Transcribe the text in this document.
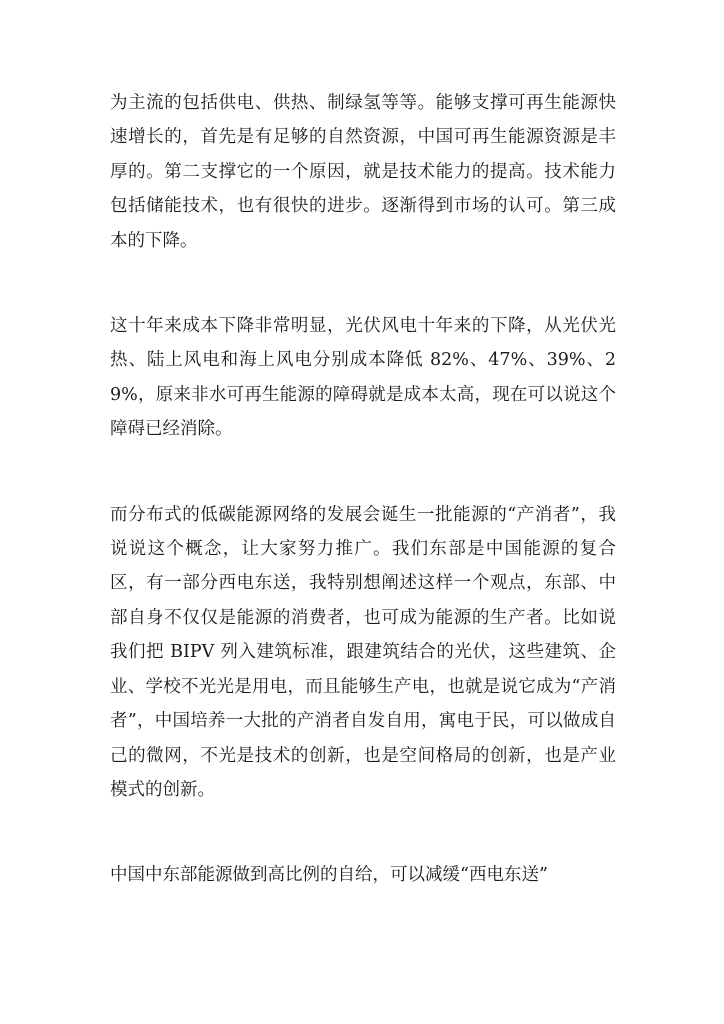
为主流的包括供电、供热、制绿氢等等。能够支撑可再生能源快速增长的，首先是有足够的自然资源，中国可再生能源资源是丰厚的。第二支撑它的一个原因，就是技术能力的提高。技术能力包括储能技术，也有很快的进步。逐渐得到市场的认可。第三成本的下降。

这十年来成本下降非常明显，光伏风电十年来的下降，从光伏光热、陆上风电和海上风电分别成本降低 82%、47%、39%、29%，原来非水可再生能源的障碍就是成本太高，现在可以说这个障碍已经消除。

而分布式的低碳能源网络的发展会诞生一批能源的“产消者”，我说说这个概念，让大家努力推广。我们东部是中国能源的复合区，有一部分西电东送，我特别想阐述这样一个观点，东部、中部自身不仅仅是能源的消费者，也可成为能源的生产者。比如说我们把 BIPV 列入建筑标准，跟建筑结合的光伏，这些建筑、企业、学校不光光是用电，而且能够生产电，也就是说它成为“产消者”，中国培养一大批的产消者自发自用，寓电于民，可以做成自己的微网，不光是技术的创新，也是空间格局的创新，也是产业模式的创新。

中国中东部能源做到高比例的自给，可以减缓“西电东送”
